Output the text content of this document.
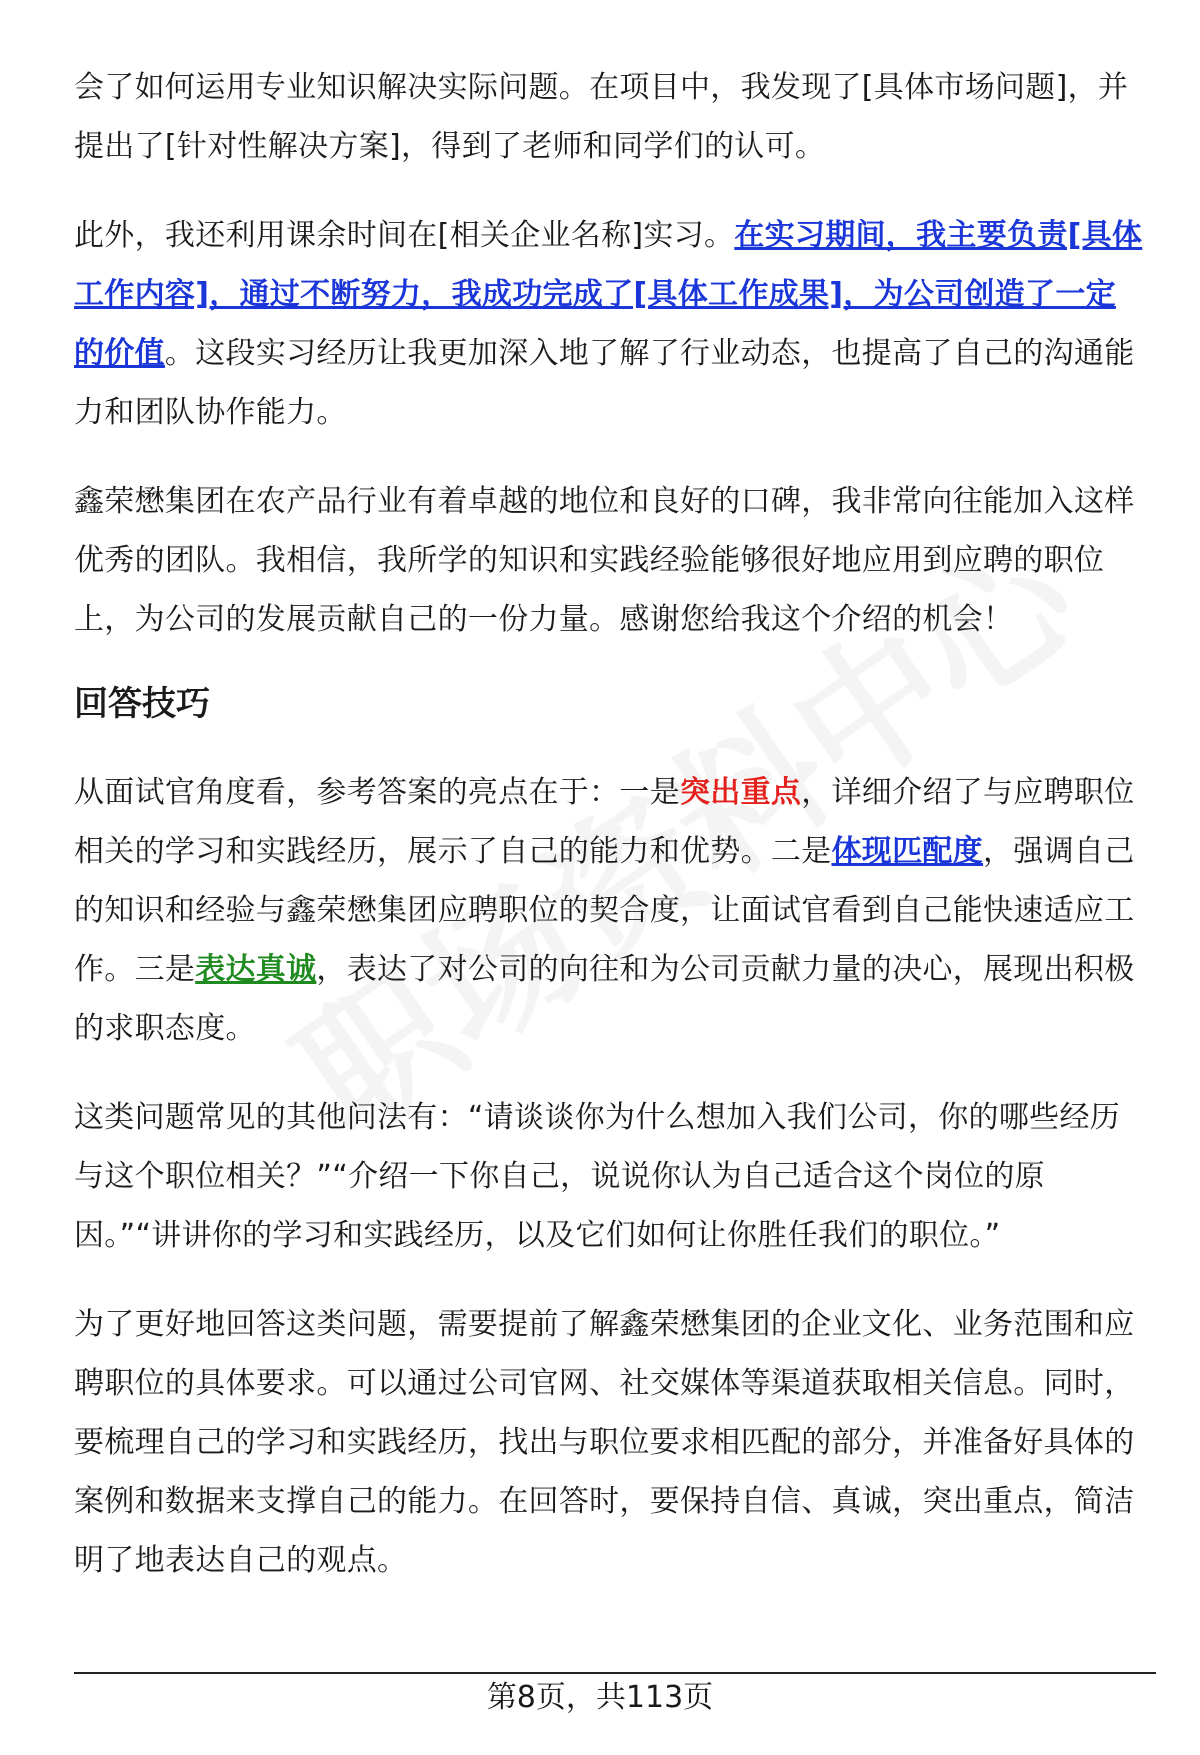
会了如何运用专业知识解决实际问题。在项目中，我发现了[具体市场问题]，并提出了[针对性解决方案]，得到了老师和同学们的认可。

此外，我还利用课余时间在[相关企业名称]实习。在实习期间，我主要负责[具体工作内容]，通过不断努力，我成功完成了[具体工作成果]，为公司创造了一定的价值。这段实习经历让我更加深入地了解了行业动态，也提高了自己的沟通能力和团队协作能力。

鑫荣懋集团在农产品行业有着卓越的地位和良好的口碑，我非常向往能加入这样优秀的团队。我相信，我所学的知识和实践经验能够很好地应用到应聘的职位上，为公司的发展贡献自己的一份力量。感谢您给我这个介绍的机会！

回答技巧

从面试官角度看，参考答案的亮点在于：一是突出重点，详细介绍了与应聘职位相关的学习和实践经历，展示了自己的能力和优势。二是体现匹配度，强调自己的知识和经验与鑫荣懋集团应聘职位的契合度，让面试官看到自己能快速适应工作。三是表达真诚，表达了对公司的向往和为公司贡献力量的决心，展现出积极的求职态度。

这类问题常见的其他问法有：“请谈谈你为什么想加入我们公司，你的哪些经历与这个职位相关？”“介绍一下你自己，说说你认为自己适合这个岗位的原因。”“讲讲你的学习和实践经历，以及它们如何让你胜任我们的职位。”

为了更好地回答这类问题，需要提前了解鑫荣懋集团的企业文化、业务范围和应聘职位的具体要求。可以通过公司官网、社交媒体等渠道获取相关信息。同时，要梳理自己的学习和实践经历，找出与职位要求相匹配的部分，并准备好具体的案例和数据来支撑自己的能力。在回答时，要保持自信、真诚，突出重点，简洁明了地表达自己的观点。

第8页，共113页
